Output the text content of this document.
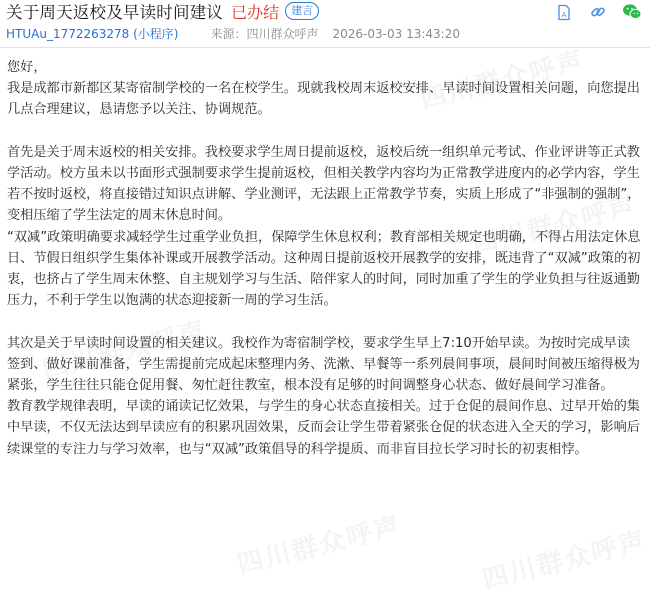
关于周天返校及早读时间建议 已办结	建言	A
HTUAu_1772263278 (小程序)	来源： 四川群众呼声 2026-03-03 13:43:20
四川群众呼声
四川群众呼声
四川群众呼声
四川群众呼声	四川群众呼声

您好，

我是成都市新都区某寄宿制学校的一名在校学生。现就我校周末返校安排、早读时间设置相关问题，向您提出几点合理建议，恳请您予以关注、协调规范。

首先是关于周末返校的相关安排。我校要求学生周日提前返校，返校后统一组织单元考试、作业评讲等正式教学活动。校方虽未以书面形式强制要求学生提前返校，但相关教学内容均为正常教学进度内的必学内容，学生若不按时返校，将直接错过知识点讲解、学业测评，无法跟上正常教学节奏，实质上形成了“非强制的强制”，变相压缩了学生法定的周末休息时间。

“双减”政策明确要求减轻学生过重学业负担，保障学生休息权利；教育部相关规定也明确，不得占用法定休息日、节假日组织学生集体补课或开展教学活动。这种周日提前返校开展教学的安排，既违背了“双减”政策的初衷，也挤占了学生周末休整、自主规划学习与生活、陪伴家人的时间，同时加重了学生的学业负担与往返通勤压力，不利于学生以饱满的状态迎接新一周的学习生活。

其次是关于早读时间设置的相关建议。我校作为寄宿制学校，要求学生早上7:10开始早读。为按时完成早读签到、做好课前准备，学生需提前完成起床整理内务、洗漱、早餐等一系列晨间事项，晨间时间被压缩得极为紧张，学生往往只能仓促用餐、匆忙赶往教室，根本没有足够的时间调整身心状态、做好晨间学习准备。

教育教学规律表明，早读的诵读记忆效果，与学生的身心状态直接相关。过于仓促的晨间作息、过早开始的集中早读，不仅无法达到早读应有的积累巩固效果，反而会让学生带着紧张仓促的状态进入全天的学习，影响后续课堂的专注力与学习效率，也与“双减”政策倡导的科学提质、而非盲目拉长学习时长的初衷相悖。
